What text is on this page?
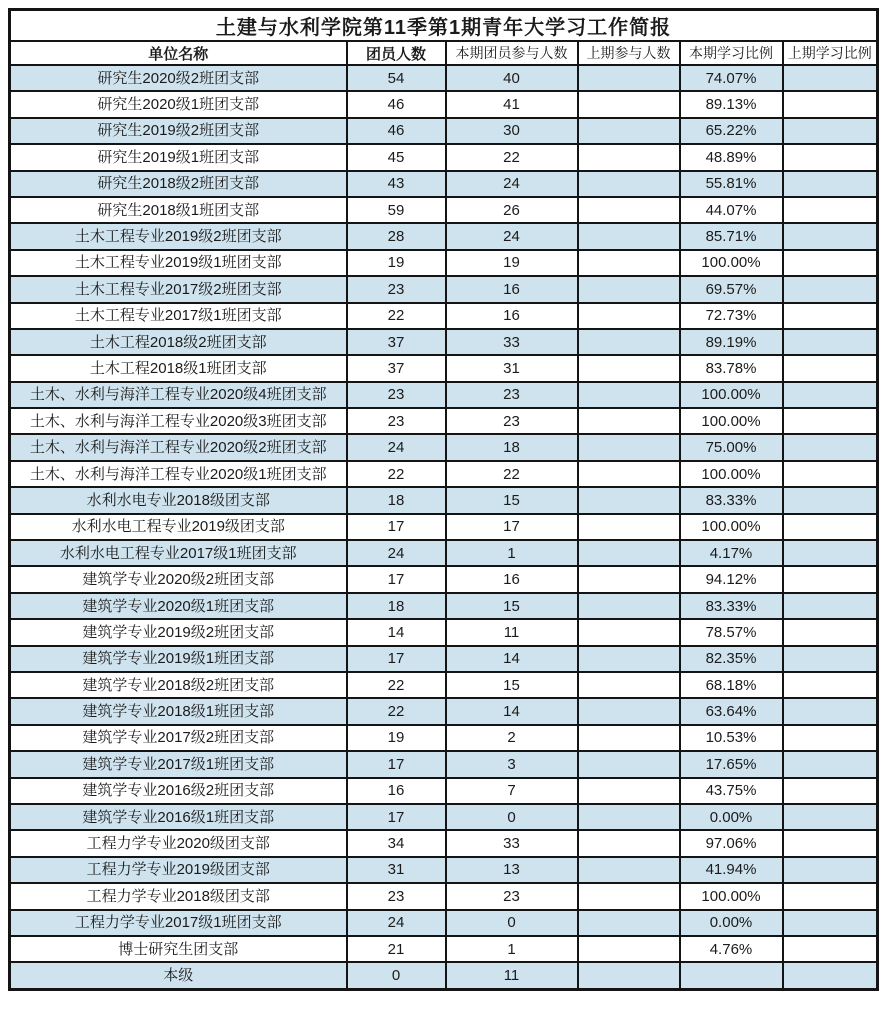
土建与水利学院第11季第1期青年大学习工作简报					
单位名称	团员人数	本期团员参与人数	上期参与人数	本期学习比例	上期学习比例
研究生2020级2班团支部	54	40		74.07%	
研究生2020级1班团支部	46	41		89.13%	
研究生2019级2班团支部	46	30		65.22%	
研究生2019级1班团支部	45	22		48.89%	
研究生2018级2班团支部	43	24		55.81%	
研究生2018级1班团支部	59	26		44.07%	
土木工程专业2019级2班团支部	28	24		85.71%	
土木工程专业2019级1班团支部	19	19		100.00%	
土木工程专业2017级2班团支部	23	16		69.57%	
土木工程专业2017级1班团支部	22	16		72.73%	
土木工程2018级2班团支部	37	33		89.19%	
土木工程2018级1班团支部	37	31		83.78%	
土木、水利与海洋工程专业2020级4班团支部	23	23		100.00%	
土木、水利与海洋工程专业2020级3班团支部	23	23		100.00%	
土木、水利与海洋工程专业2020级2班团支部	24	18		75.00%	
土木、水利与海洋工程专业2020级1班团支部	22	22		100.00%	
水利水电专业2018级团支部	18	15		83.33%	
水利水电工程专业2019级团支部	17	17		100.00%	
水利水电工程专业2017级1班团支部	24	1		4.17%	
建筑学专业2020级2班团支部	17	16		94.12%	
建筑学专业2020级1班团支部	18	15		83.33%	
建筑学专业2019级2班团支部	14	11		78.57%	
建筑学专业2019级1班团支部	17	14		82.35%	
建筑学专业2018级2班团支部	22	15		68.18%	
建筑学专业2018级1班团支部	22	14		63.64%	
建筑学专业2017级2班团支部	19	2		10.53%	
建筑学专业2017级1班团支部	17	3		17.65%	
建筑学专业2016级2班团支部	16	7		43.75%	
建筑学专业2016级1班团支部	17	0		0.00%	
工程力学专业2020级团支部	34	33		97.06%	
工程力学专业2019级团支部	31	13		41.94%	
工程力学专业2018级团支部	23	23		100.00%	
工程力学专业2017级1班团支部	24	0		0.00%	
博士研究生团支部	21	1		4.76%	
本级	0	11			
